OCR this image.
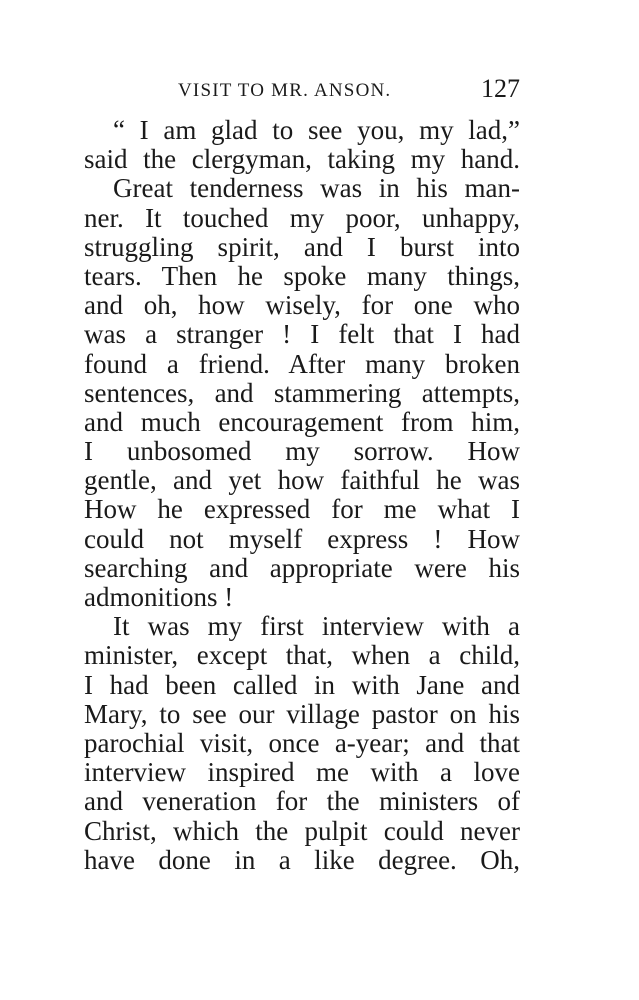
VISIT TO MR. ANSON.	127
“ I am glad to see you, my lad,”
said the clergyman, taking my hand.
Great tenderness was in his man-
ner. It touched my poor, unhappy,
struggling spirit, and I burst into
tears. Then he spoke many things,
and oh, how wisely, for one who
was a stranger ! I felt that I had
found a friend. After many broken
sentences, and stammering attempts,
and much encouragement from him,
I unbosomed my sorrow. How
gentle, and yet how faithful he was
How he expressed for me what I
could not myself express ! How
searching and appropriate were his
admonitions !
It was my first interview with a
minister, except that, when a child,
I had been called in with Jane and
Mary, to see our village pastor on his
parochial visit, once a-year; and that
interview inspired me with a love
and veneration for the ministers of
Christ, which the pulpit could never
have done in a like degree. Oh,
